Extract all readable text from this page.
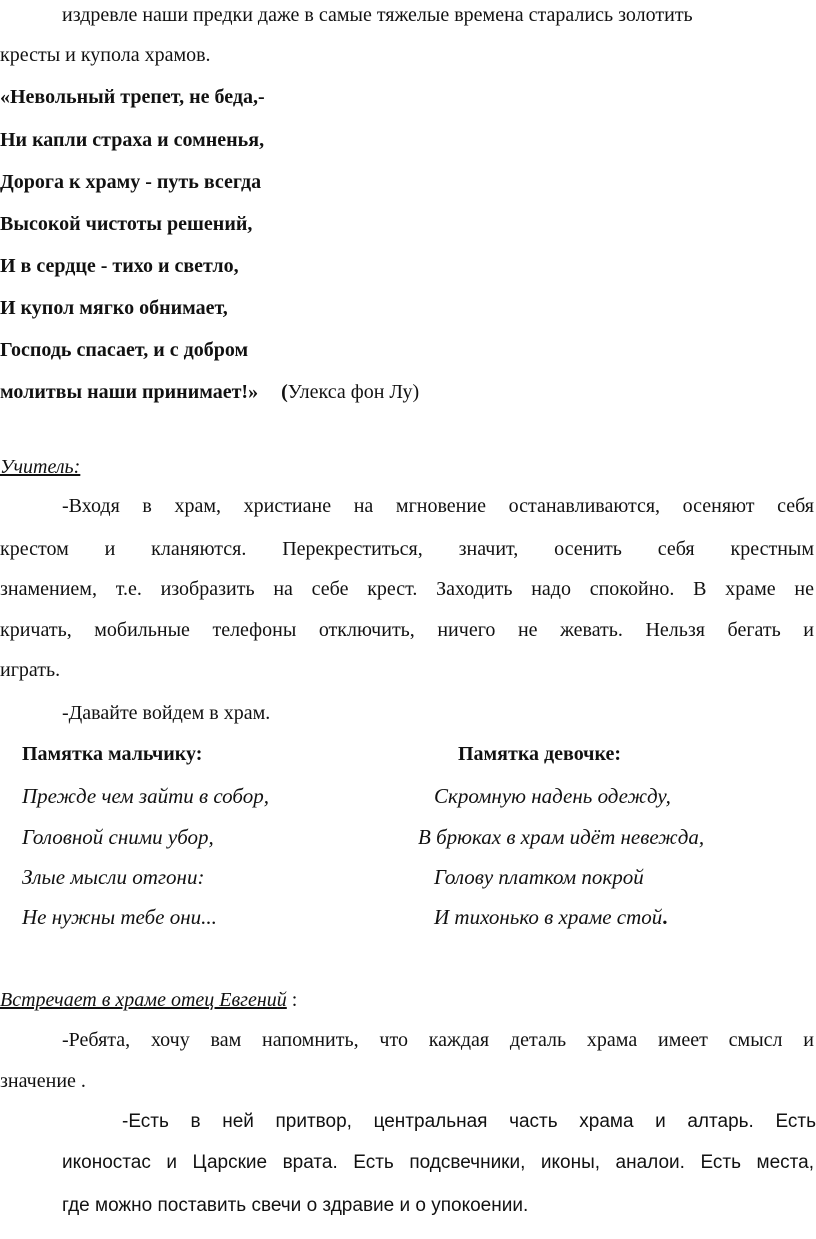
издревле наши предки даже в самые тяжелые времена старались золотить
кресты и купола храмов.
«Невольный трепет, не беда,-
Ни капли страха и сомненья,
Дорога к храму - путь всегда
Высокой чистоты решений,
И в сердце - тихо и светло,
И купол мягко обнимает,
Господь спасает, и с добром
молитвы наши принимает!» (Улекса фон Лу)
Учитель:
-Входя в храм, христиане на мгновение останавливаются, осеняют себя
крестом и кланяются. Перекреститься, значит, осенить себя крестным
знамением, т.е. изобразить на себе крест. Заходить надо спокойно. В храме не
кричать, мобильные телефоны отключить, ничего не жевать. Нельзя бегать и
играть.
-Давайте войдем в храм.
Памятка мальчику:
Прежде чем зайти в собор,
Головной сними убор,
Злые мысли отгони:
Не нужны тебе они...
Памятка девочке:
Скромную надень одежду,
В брюках в храм идёт невежда,
Голову платком покрой
И тихонько в храме стой.
Встречает в храме отец Евгений :
-Ребята, хочу вам напомнить, что каждая деталь храма имеет смысл и
значение .
-Есть в ней притвор, центральная часть храма и алтарь. Есть
иконостас и Царские врата. Есть подсвечники, иконы, аналои. Есть места,
где можно поставить свечи о здравие и о упокоении.
